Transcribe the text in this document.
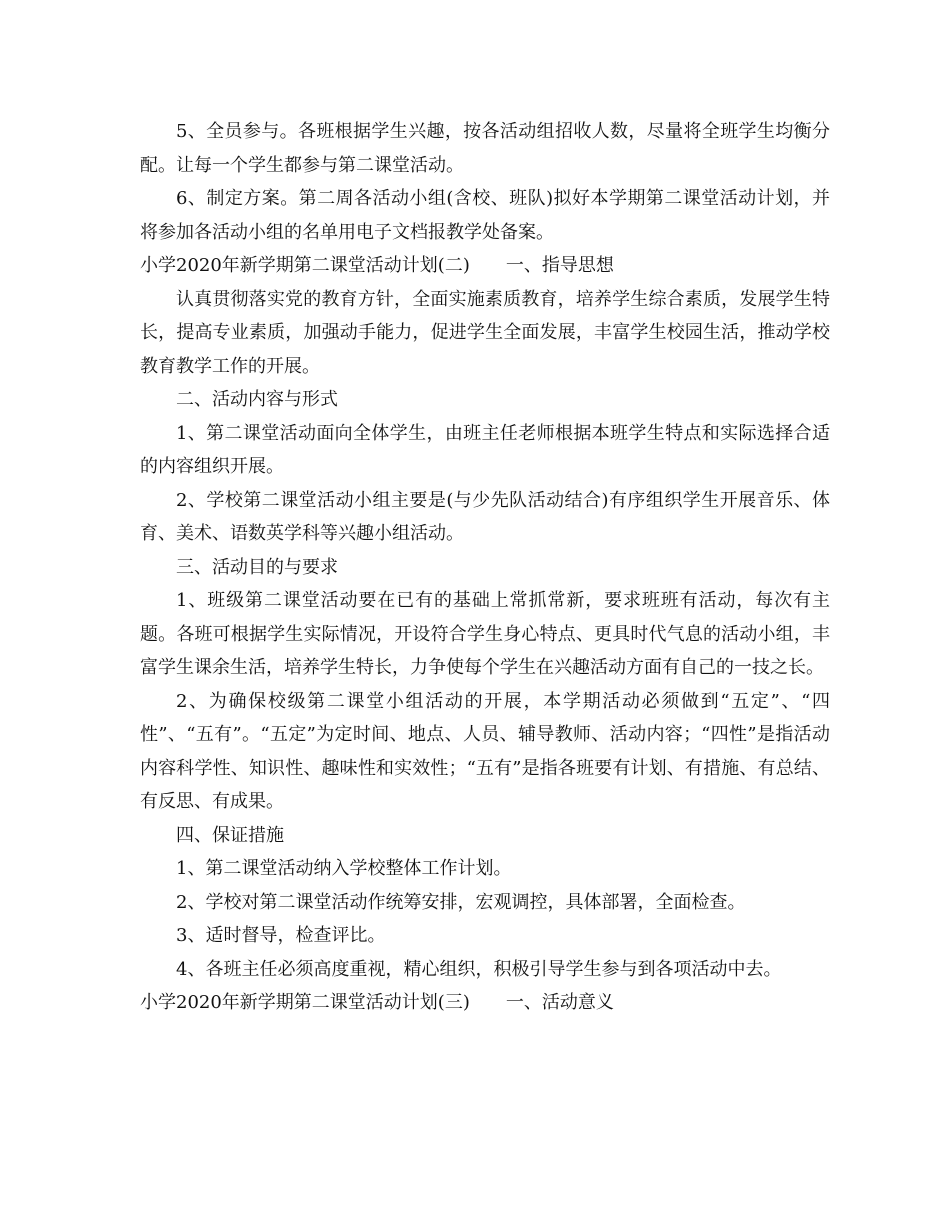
5、全员参与。各班根据学生兴趣，按各活动组招收人数，尽量将全班学生均衡分配。让每一个学生都参与第二课堂活动。

6、制定方案。第二周各活动小组(含校、班队)拟好本学期第二课堂活动计划，并将参加各活动小组的名单用电子文档报教学处备案。

小学2020年新学期第二课堂活动计划(二)　　一、指导思想

认真贯彻落实党的教育方针，全面实施素质教育，培养学生综合素质，发展学生特长，提高专业素质，加强动手能力，促进学生全面发展，丰富学生校园生活，推动学校教育教学工作的开展。

二、活动内容与形式

1、第二课堂活动面向全体学生，由班主任老师根据本班学生特点和实际选择合适的内容组织开展。

2、学校第二课堂活动小组主要是(与少先队活动结合)有序组织学生开展音乐、体育、美术、语数英学科等兴趣小组活动。

三、活动目的与要求

1、班级第二课堂活动要在已有的基础上常抓常新，要求班班有活动，每次有主题。各班可根据学生实际情况，开设符合学生身心特点、更具时代气息的活动小组，丰富学生课余生活，培养学生特长，力争使每个学生在兴趣活动方面有自己的一技之长。

2、为确保校级第二课堂小组活动的开展，本学期活动必须做到“五定”、“四性”、“五有”。“五定”为定时间、地点、人员、辅导教师、活动内容；“四性”是指活动内容科学性、知识性、趣味性和实效性；“五有”是指各班要有计划、有措施、有总结、有反思、有成果。

四、保证措施

1、第二课堂活动纳入学校整体工作计划。

2、学校对第二课堂活动作统筹安排，宏观调控，具体部署，全面检查。

3、适时督导，检查评比。

4、各班主任必须高度重视，精心组织，积极引导学生参与到各项活动中去。

小学2020年新学期第二课堂活动计划(三)　　一、活动意义
